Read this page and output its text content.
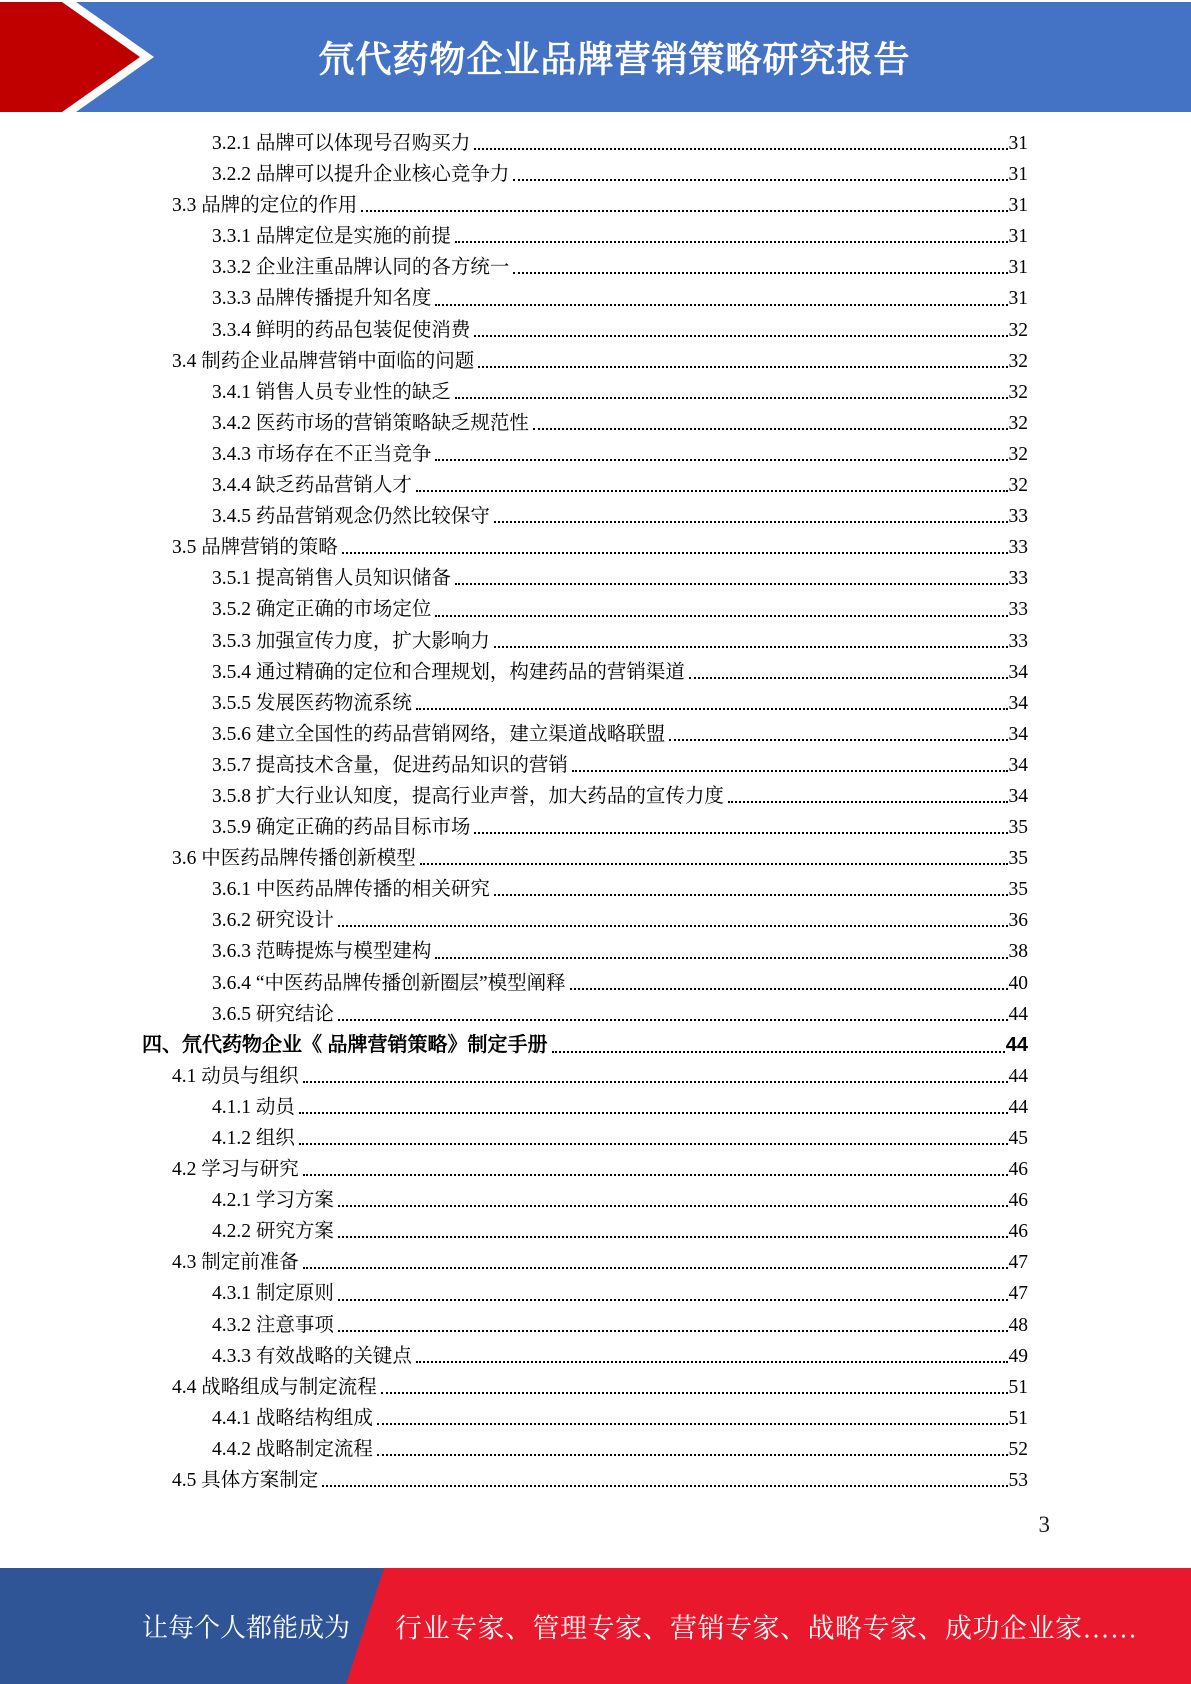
氘代药物企业品牌营销策略研究报告
3.2.1 品牌可以体现号召购买力	31
3.2.2 品牌可以提升企业核心竞争力	31
3.3 品牌的定位的作用	31
3.3.1 品牌定位是实施的前提	31
3.3.2 企业注重品牌认同的各方统一	31
3.3.3 品牌传播提升知名度	31
3.3.4 鲜明的药品包装促使消费	32
3.4 制药企业品牌营销中面临的问题	32
3.4.1 销售人员专业性的缺乏	32
3.4.2 医药市场的营销策略缺乏规范性	32
3.4.3 市场存在不正当竞争	32
3.4.4 缺乏药品营销人才	32
3.4.5 药品营销观念仍然比较保守	33
3.5 品牌营销的策略	33
3.5.1 提高销售人员知识储备	33
3.5.2 确定正确的市场定位	33
3.5.3 加强宣传力度，扩大影响力	33
3.5.4 通过精确的定位和合理规划，构建药品的营销渠道	34
3.5.5 发展医药物流系统	34
3.5.6 建立全国性的药品营销网络，建立渠道战略联盟	34
3.5.7 提高技术含量，促进药品知识的营销	34
3.5.8 扩大行业认知度，提高行业声誉，加大药品的宣传力度	34
3.5.9 确定正确的药品目标市场	35
3.6 中医药品牌传播创新模型	35
3.6.1 中医药品牌传播的相关研究	35
3.6.2 研究设计	36
3.6.3 范畴提炼与模型建构	38
3.6.4 “中医药品牌传播创新圈层”模型阐释	40
3.6.5 研究结论	44
四、氘代药物企业《 品牌营销策略》制定手册	44
4.1 动员与组织	44
4.1.1 动员	44
4.1.2 组织	45
4.2 学习与研究	46
4.2.1 学习方案	46
4.2.2 研究方案	46
4.3 制定前准备	47
4.3.1 制定原则	47
4.3.2 注意事项	48
4.3.3 有效战略的关键点	49
4.4 战略组成与制定流程	51
4.4.1 战略结构组成	51
4.4.2 战略制定流程	52
4.5 具体方案制定	53
3
让每个人都能成为 行业专家、管理专家、营销专家、战略专家、成功企业家……
